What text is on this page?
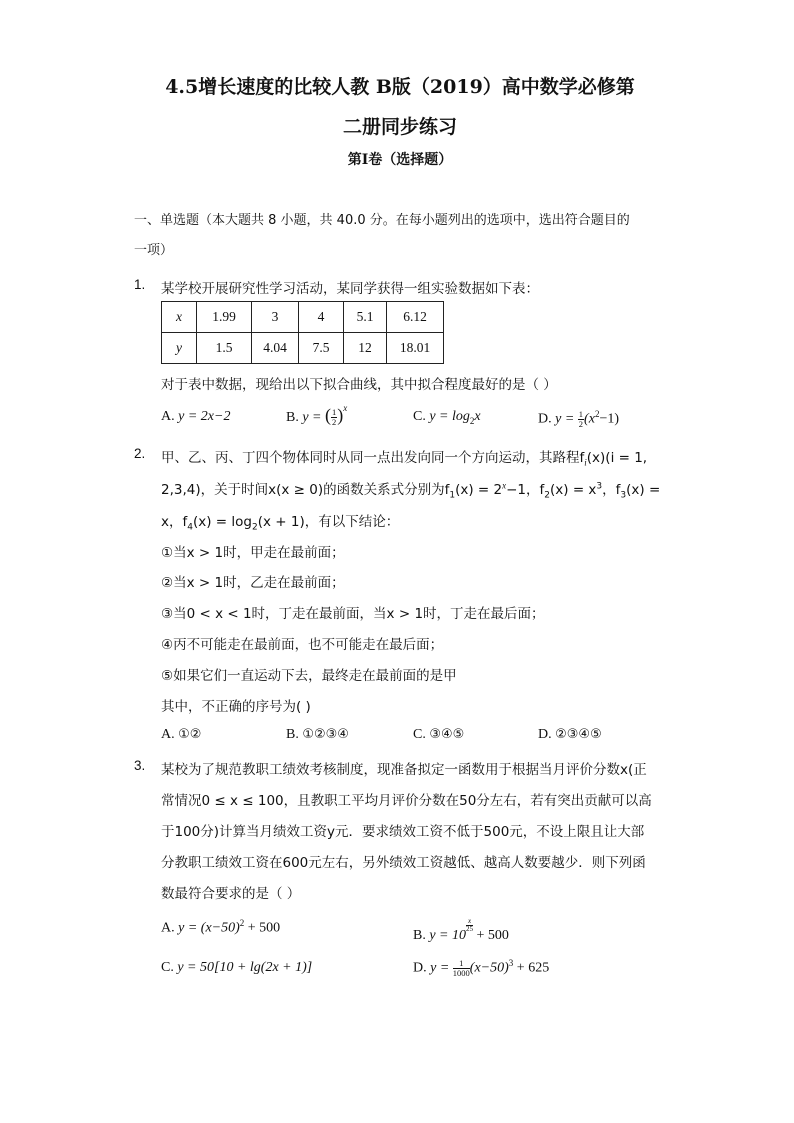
4.5增长速度的比较人教 B版（2019）高中数学必修第
二册同步练习
第I卷（选择题）
一、单选题（本大题共 8 小题，共 40.0 分。在每小题列出的选项中，选出符合题目的
一项）
1. 某学校开展研究性学习活动，某同学获得一组实验数据如下表：
x	1.99	3	4	5.1	6.12
y	1.5	4.04	7.5	12	18.01
对于表中数据，现给出以下拟合曲线，其中拟合程度最好的是（ ）
A. y = 2x−2	B. y = ( $\frac{1}{2} )^x$
C. $y = \log_2x$	D. $y = \frac{1}{2} (x^2-1)$
2. 甲、乙、丙、丁四个物体同时从同一点出发向同一个方向运动，其路程$f_i(x)(i = 1$,
2,3,4)，关于时间x(x ≥ 0)的函数关系式分别为$f_1(x) = 2^x-1$，$f_2(x) = x^3$，$f_3(x)$ =
x，$f_4(x) = \log_2(x + 1)$，有以下结论：
①当x > 1时，甲走在最前面；
②当x > 1时，乙走在最前面；
③当0 < x < 1时，丁走在最前面，当x > 1时，丁走在最后面；
④丙不可能走在最前面，也不可能走在最后面；
⑤如果它们一直运动下去，最终走在最前面的是甲
其中，不正确的序号为( )
A. ①②	B. ①②③④	C. ③④⑤	D. ②③④⑤
3. 某校为了规范教职工绩效考核制度，现准备拟定一函数用于根据当月评价分数x(正
常情况0 ≤ x ≤ 100，且教职工平均月评价分数在50分左右，若有突出贡献可以高
于100分)计算当月绩效工资y元．要求绩效工资不低于500元，不设上限且让大部
分教职工绩效工资在600元左右，另外绩效工资越低、越高人数要越少．则下列函
数最符合要求的是（ ）
A. $y = (x-50)^2 + 500$	B. y = 10
$\frac{x}{25}$
+ 500
C. y = 50[10 + lg(2x + 1)]	D. $y = \frac{1}{1000} (x-50)^3 + 625$
